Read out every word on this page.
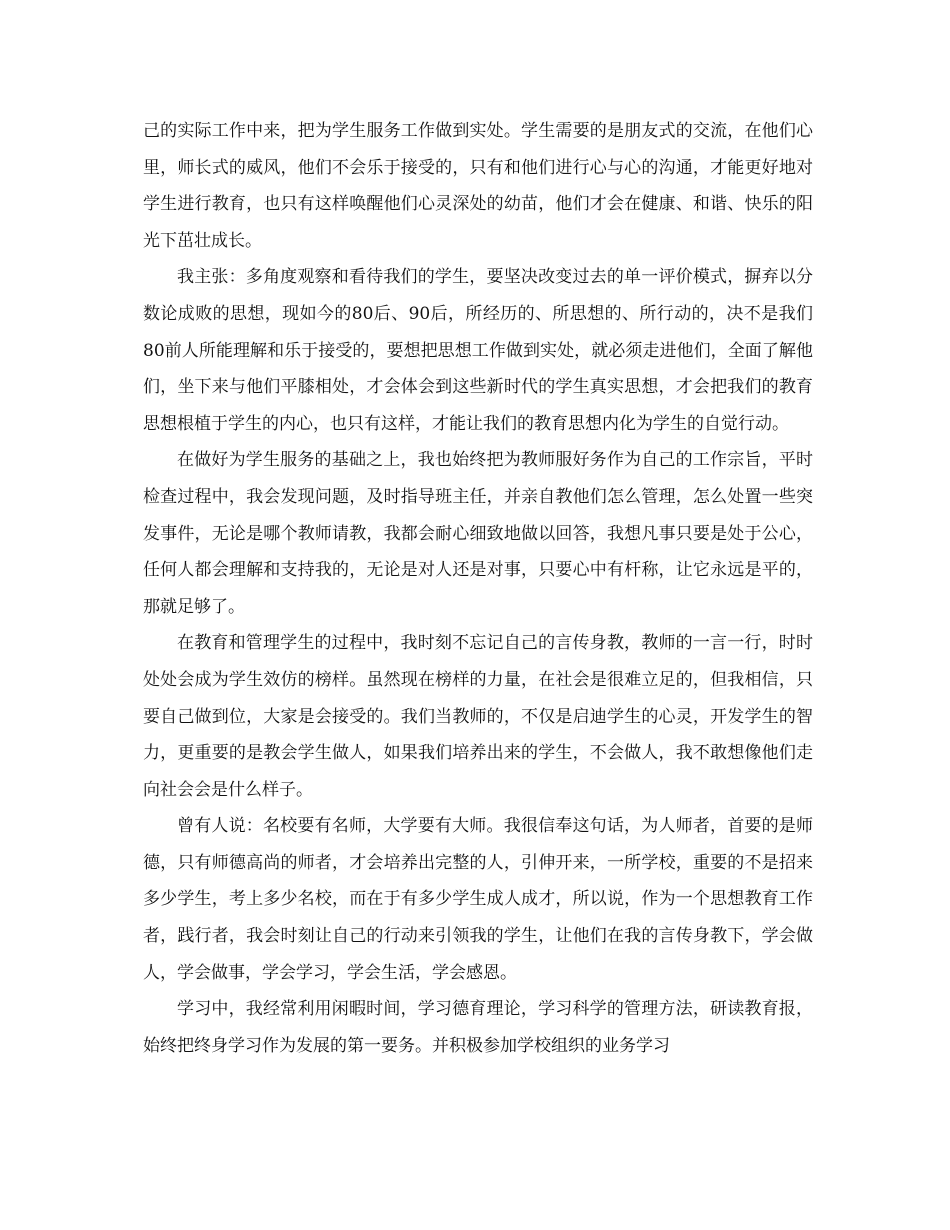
己的实际工作中来，把为学生服务工作做到实处。学生需要的是朋友式的交流，在他们心里，师长式的威风，他们不会乐于接受的，只有和他们进行心与心的沟通，才能更好地对学生进行教育，也只有这样唤醒他们心灵深处的幼苗，他们才会在健康、和谐、快乐的阳光下茁壮成长。

我主张：多角度观察和看待我们的学生，要坚决改变过去的单一评价模式，摒弃以分数论成败的思想，现如今的80后、90后，所经历的、所思想的、所行动的，决不是我们80前人所能理解和乐于接受的，要想把思想工作做到实处，就必须走进他们，全面了解他们，坐下来与他们平膝相处，才会体会到这些新时代的学生真实思想，才会把我们的教育思想根植于学生的内心，也只有这样，才能让我们的教育思想内化为学生的自觉行动。

在做好为学生服务的基础之上，我也始终把为教师服好务作为自己的工作宗旨，平时检查过程中，我会发现问题，及时指导班主任，并亲自教他们怎么管理，怎么处置一些突发事件，无论是哪个教师请教，我都会耐心细致地做以回答，我想凡事只要是处于公心，任何人都会理解和支持我的，无论是对人还是对事，只要心中有杆称，让它永远是平的，那就足够了。

在教育和管理学生的过程中，我时刻不忘记自己的言传身教，教师的一言一行，时时处处会成为学生效仿的榜样。虽然现在榜样的力量，在社会是很难立足的，但我相信，只要自己做到位，大家是会接受的。我们当教师的，不仅是启迪学生的心灵，开发学生的智力，更重要的是教会学生做人，如果我们培养出来的学生，不会做人，我不敢想像他们走向社会会是什么样子。

曾有人说：名校要有名师，大学要有大师。我很信奉这句话，为人师者，首要的是师德，只有师德高尚的师者，才会培养出完整的人，引伸开来，一所学校，重要的不是招来多少学生，考上多少名校，而在于有多少学生成人成才，所以说，作为一个思想教育工作者，践行者，我会时刻让自己的行动来引领我的学生，让他们在我的言传身教下，学会做人，学会做事，学会学习，学会生活，学会感恩。

学习中，我经常利用闲暇时间，学习德育理论，学习科学的管理方法，研读教育报，始终把终身学习作为发展的第一要务。并积极参加学校组织的业务学习
